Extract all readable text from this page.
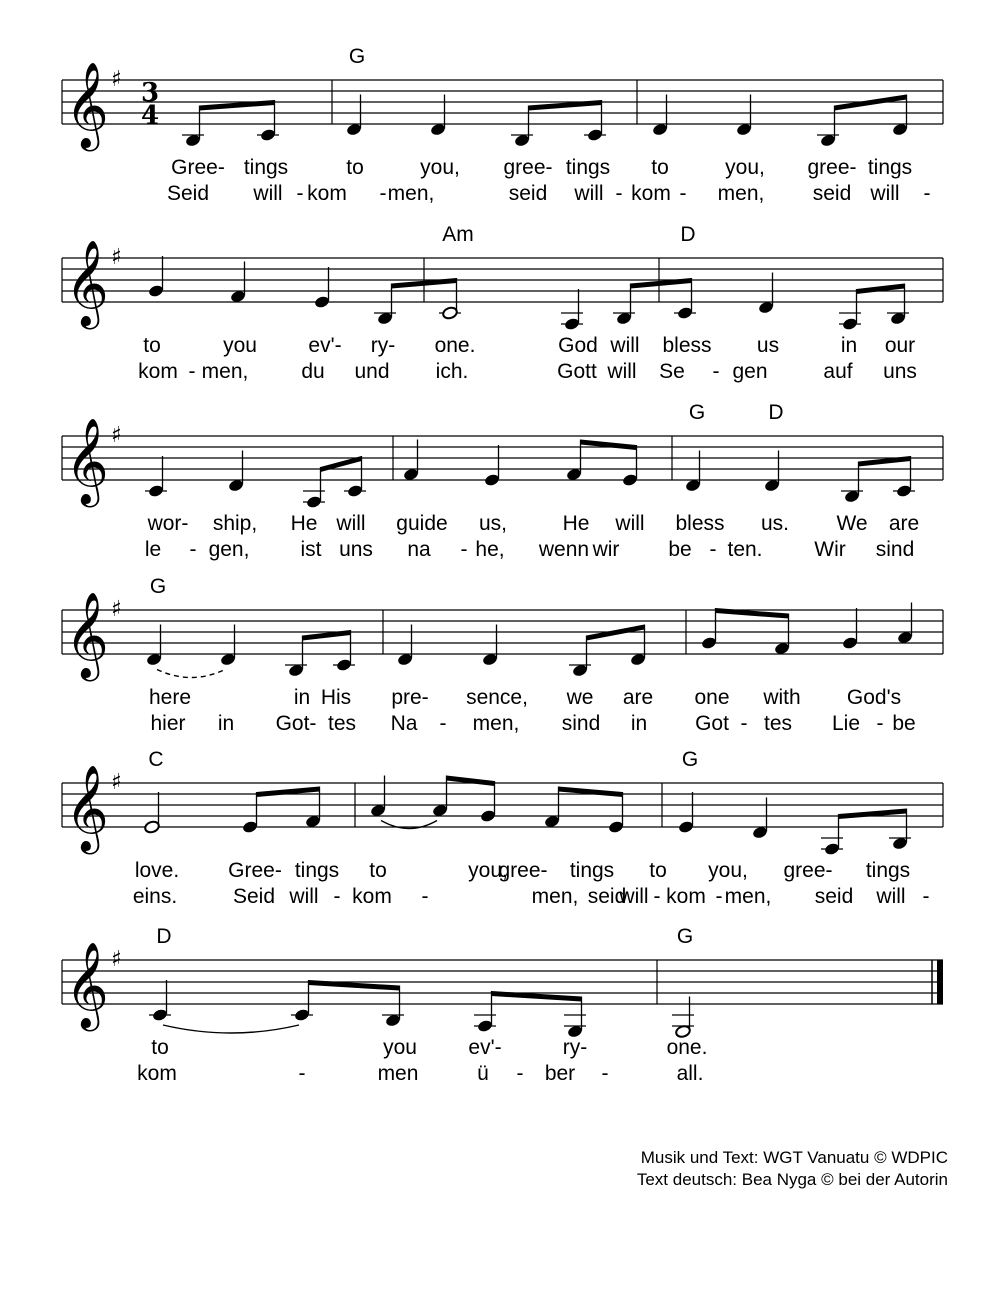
𝄞 ♯ 3
4
𝄞 ♯
𝄞 ♯
𝄞 ♯
𝄞 ♯
𝄞 ♯
G
Gree- tings	to	you, gree- tings to	you, gree- tings
Seid will - kom - men,	seid will - kom - men, seid will -
Am	D
to	you ev'- ry- one.	God will bless us	in our
kom - men,	du und ich.	Gott will Se - gen	auf uns
G	D
wor- ship, He will guide us,	He will bless us. We are
le - gen, ist uns na - he, wenn wir be - ten. Wir sind
G
here	in His pre- sence, we are one with God's
hier in Got- tes Na - men, sind in Got - tes Lie - be
C	G
love. Gree- tings to	you,
gree- tings to you, gree- tings
eins.	Seid will - kom -	men, seid
will - kom - men, seid will -
D	G
to	you ev'-	ry-	one.
kom	-	men	ü - ber -	all.
Musik und Text: WGT Vanuatu © WDPIC
Text deutsch: Bea Nyga © bei der Autorin
